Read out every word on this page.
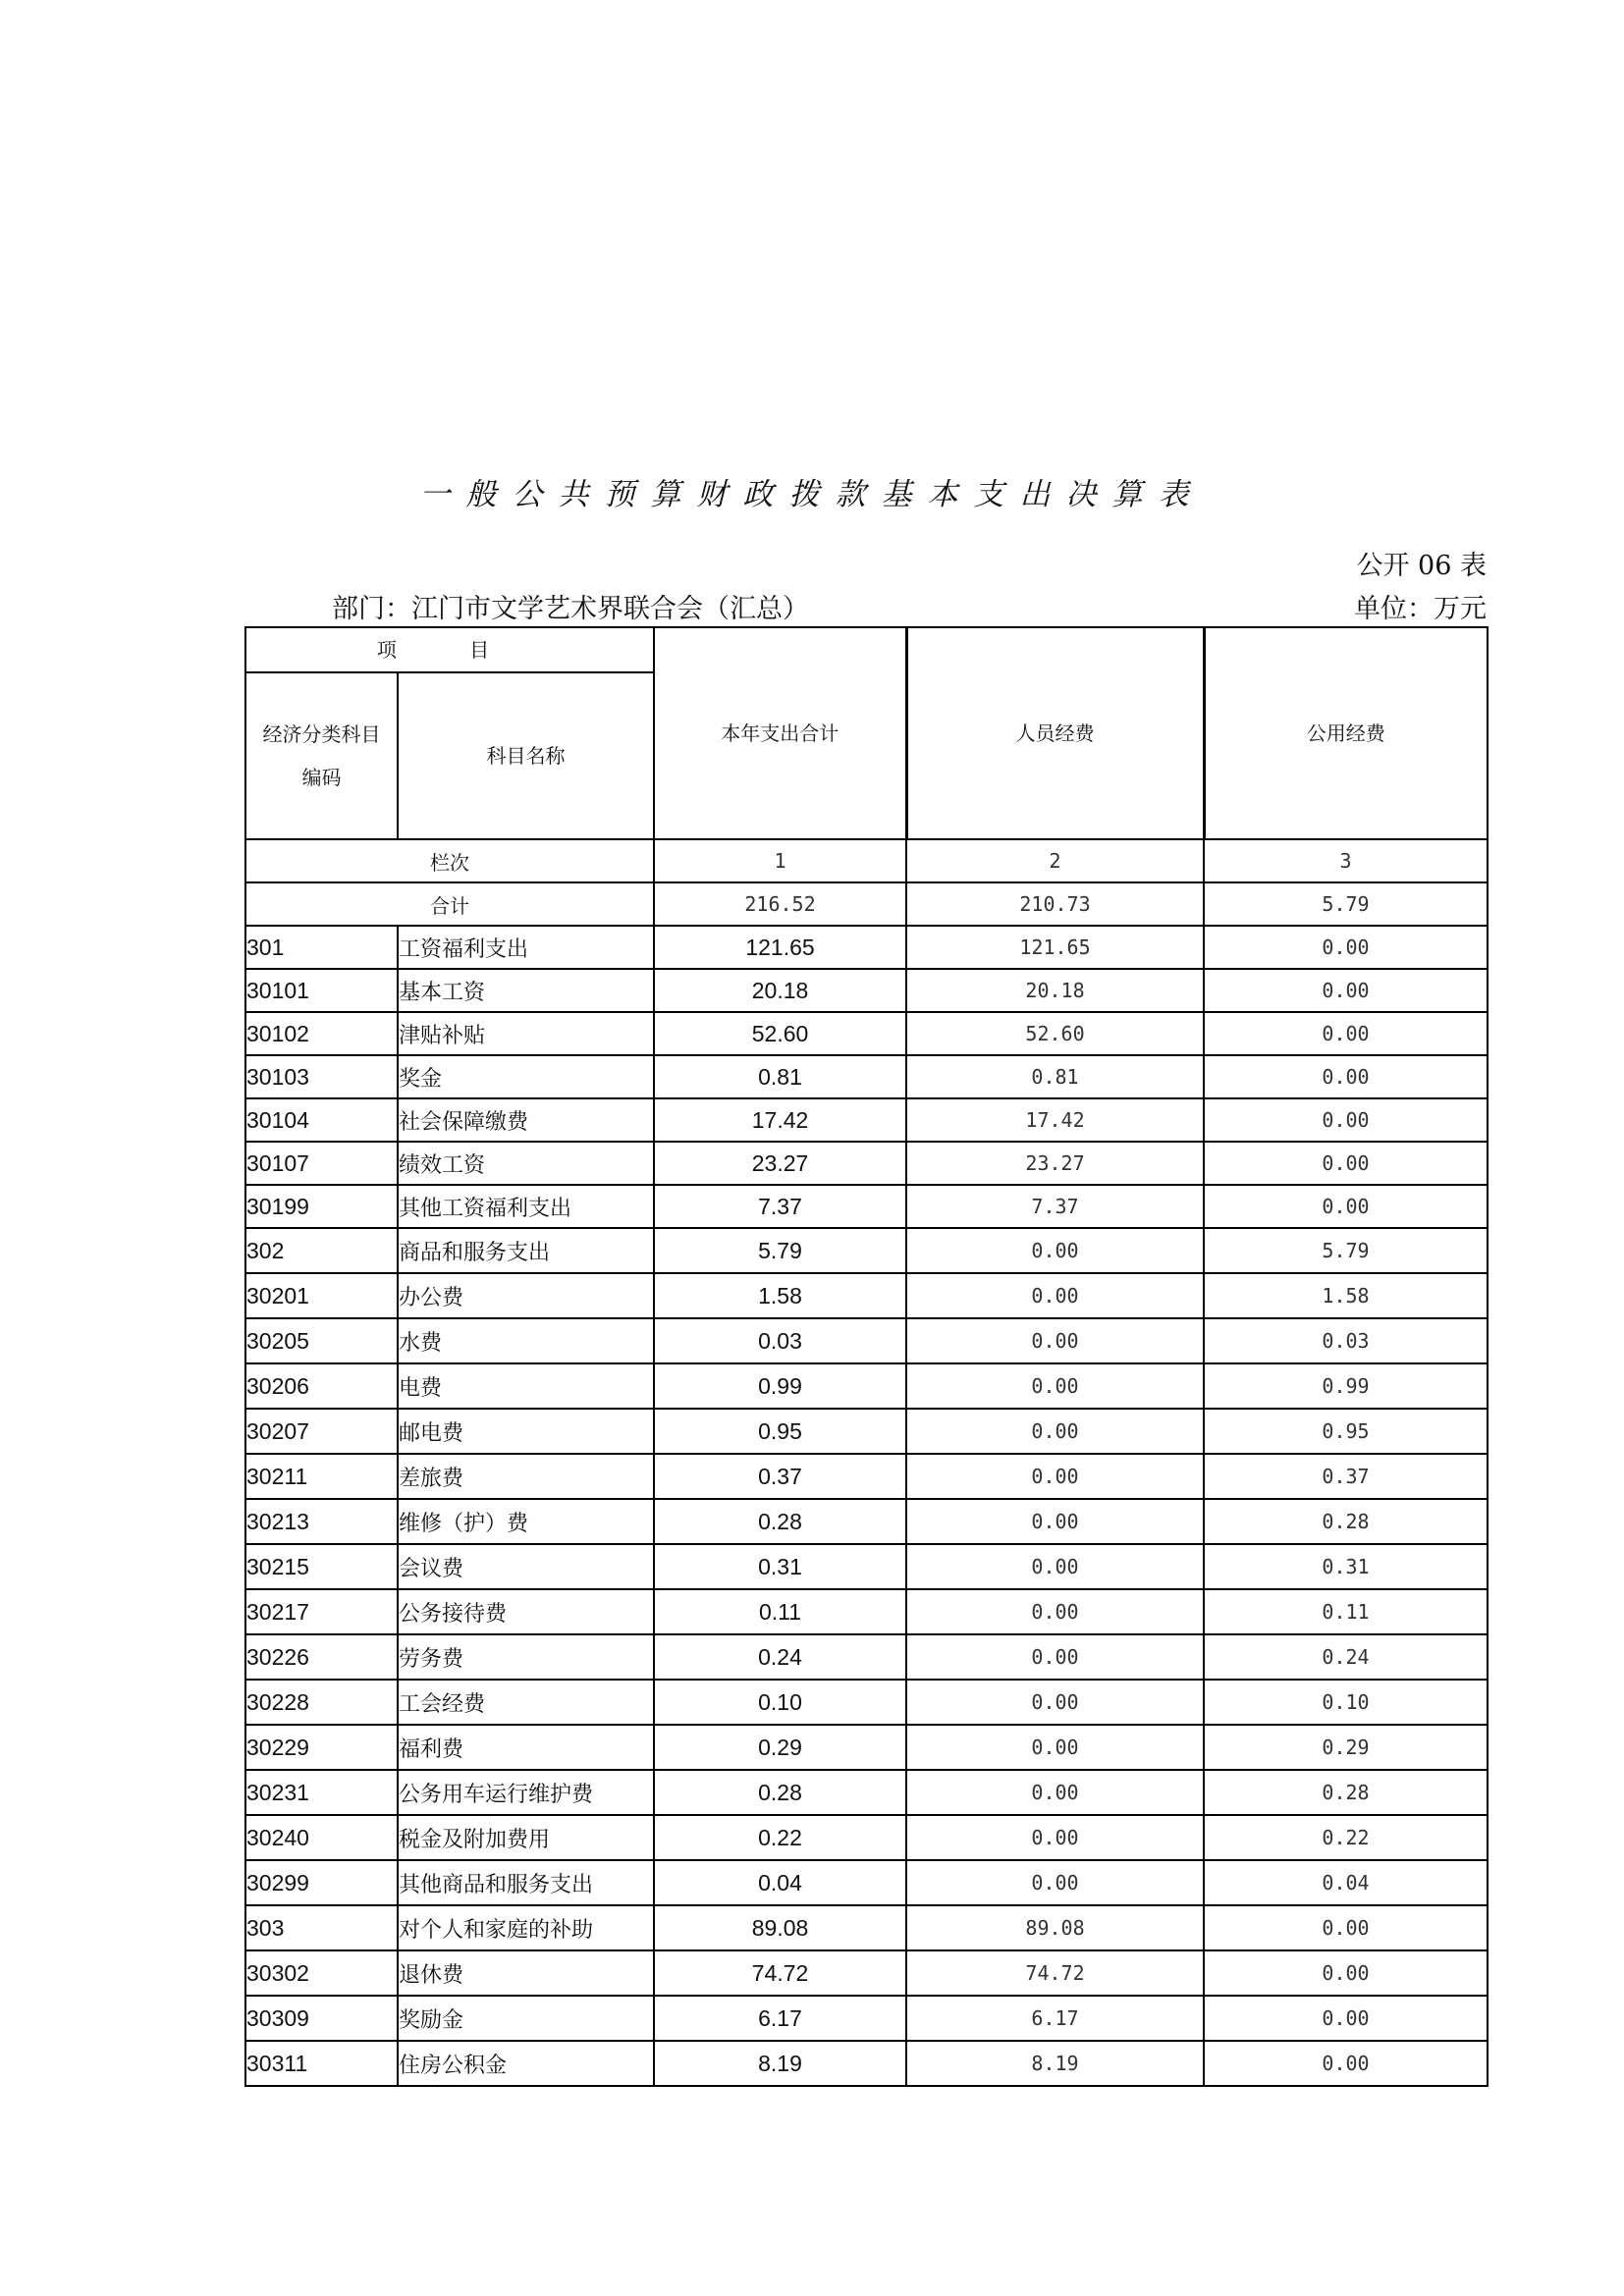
一般公共预算财政拨款基本支出决算表
公开 06 表
部门：江门市文学艺术界联合会（汇总）	单位：万元
项 目		本年支出合计	人员经费	公用经费
经济分类科目编码	科目名称			
栏次		1	2	3
合计		216.52	210.73	5.79
301	工资福利支出	121.65	121.65	0.00
30101	基本工资	20.18	20.18	0.00
30102	津贴补贴	52.60	52.60	0.00
30103	奖金	0.81	0.81	0.00
30104	社会保障缴费	17.42	17.42	0.00
30107	绩效工资	23.27	23.27	0.00
30199	其他工资福利支出	7.37	7.37	0.00
302	商品和服务支出	5.79	0.00	5.79
30201	办公费	1.58	0.00	1.58
30205	水费	0.03	0.00	0.03
30206	电费	0.99	0.00	0.99
30207	邮电费	0.95	0.00	0.95
30211	差旅费	0.37	0.00	0.37
30213	维修（护）费	0.28	0.00	0.28
30215	会议费	0.31	0.00	0.31
30217	公务接待费	0.11	0.00	0.11
30226	劳务费	0.24	0.00	0.24
30228	工会经费	0.10	0.00	0.10
30229	福利费	0.29	0.00	0.29
30231	公务用车运行维护费	0.28	0.00	0.28
30240	税金及附加费用	0.22	0.00	0.22
30299	其他商品和服务支出	0.04	0.00	0.04
303	对个人和家庭的补助	89.08	89.08	0.00
30302	退休费	74.72	74.72	0.00
30309	奖励金	6.17	6.17	0.00
30311	住房公积金	8.19	8.19	0.00
